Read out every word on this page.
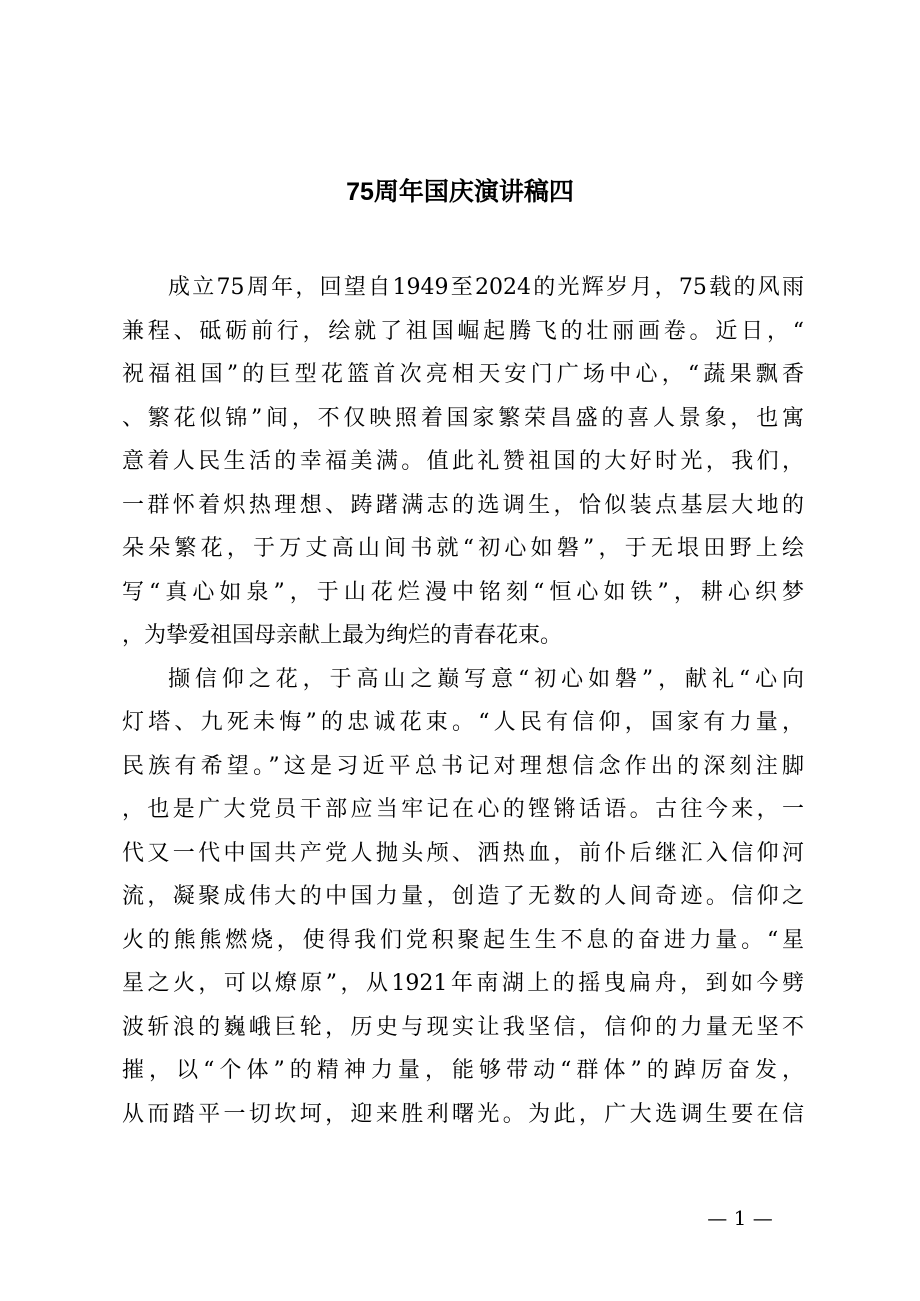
75周年国庆演讲稿四
成立75周年，回望自1949至2024的光辉岁月，75载的风雨
兼程、砥砺前行，绘就了祖国崛起腾飞的壮丽画卷。近日，“
祝福祖国”的巨型花篮首次亮相天安门广场中心，“蔬果飘香
、繁花似锦”间，不仅映照着国家繁荣昌盛的喜人景象，也寓
意着人民生活的幸福美满。值此礼赞祖国的大好时光，我们，
一群怀着炽热理想、踌躇满志的选调生，恰似装点基层大地的
朵朵繁花，于万丈高山间书就“初心如磐”，于无垠田野上绘
写“真心如泉”，于山花烂漫中铭刻“恒心如铁”，耕心织梦
，为挚爱祖国母亲献上最为绚烂的青春花束。
撷信仰之花，于高山之巅写意“初心如磐”，献礼“心向
灯塔、九死未悔”的忠诚花束。“人民有信仰，国家有力量，
民族有希望。”这是习近平总书记对理想信念作出的深刻注脚
，也是广大党员干部应当牢记在心的铿锵话语。古往今来，一
代又一代中国共产党人抛头颅、洒热血，前仆后继汇入信仰河
流，凝聚成伟大的中国力量，创造了无数的人间奇迹。信仰之
火的熊熊燃烧，使得我们党积聚起生生不息的奋进力量。“星
星之火，可以燎原”，从1921年南湖上的摇曳扁舟，到如今劈
波斩浪的巍峨巨轮，历史与现实让我坚信，信仰的力量无坚不
摧，以“个体”的精神力量，能够带动“群体”的踔厉奋发，
从而踏平一切坎坷，迎来胜利曙光。为此，广大选调生要在信
— 1 —
